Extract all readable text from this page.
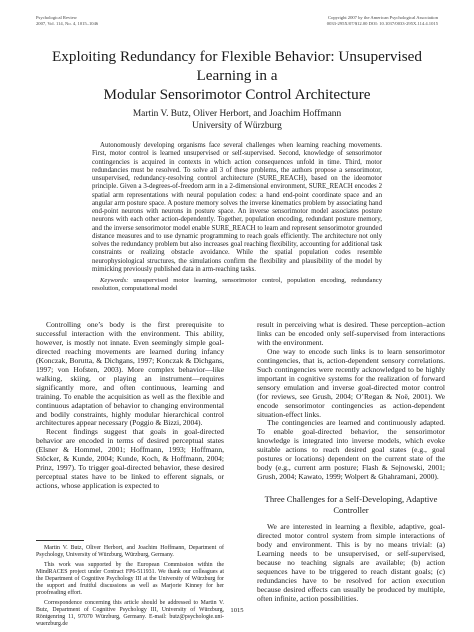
Psychological Review
2007, Vol. 114, No. 4, 1015–1046
Copyright 2007 by the American Psychological Association
0033-295X/07/$12.00 DOI: 10.1037/0033-295X.114.4.1015
Exploiting Redundancy for Flexible Behavior: Unsupervised Learning in a
Modular Sensorimotor Control Architecture
Martin V. Butz, Oliver Herbort, and Joachim Hoffmann
University of Würzburg

Autonomously developing organisms face several challenges when learning reaching movements. First, motor control is learned unsupervised or self-supervised. Second, knowledge of sensorimotor contingencies is acquired in contexts in which action consequences unfold in time. Third, motor redundancies must be resolved. To solve all 3 of these problems, the authors propose a sensorimotor, unsupervised, redundancy-resolving control architecture (SURE_REACH), based on the ideomotor principle. Given a 3-degrees-of-freedom arm in a 2-dimensional environment, SURE_REACH encodes 2 spatial arm representations with neural population codes: a hand end-point coordinate space and an angular arm posture space. A posture memory solves the inverse kinematics problem by associating hand end-point neurons with neurons in posture space. An inverse sensorimotor model associates posture neurons with each other action-dependently. Together, population encoding, redundant posture memory, and the inverse sensorimotor model enable SURE_REACH to learn and represent sensorimotor grounded distance measures and to use dynamic programming to reach goals efficiently. The architecture not only solves the redundancy problem but also increases goal reaching flexibility, accounting for additional task constraints or realizing obstacle avoidance. While the spatial population codes resemble neurophysiological structures, the simulations confirm the flexibility and plausibility of the model by mimicking previously published data in arm-reaching tasks.

Keywords: unsupervised motor learning, sensorimotor control, population encoding, redundancy resolution, computational model

Controlling one’s body is the first prerequisite to successful interaction with the environment. This ability, however, is mostly not innate. Even seemingly simple goal-directed reaching movements are learned during infancy (Konczak, Borutta, & Dichgans, 1997; Konczak & Dichgans, 1997; von Hofsten, 2003). More complex behavior—like walking, skiing, or playing an instrument—requires significantly more, and often continuous, learning and training. To enable the acquisition as well as the flexible and continuous adaptation of behavior to changing environmental and bodily constraints, highly modular hierarchical control architectures appear necessary (Poggio & Bizzi, 2004).

Recent findings suggest that goals in goal-directed behavior are encoded in terms of desired perceptual states (Elsner & Hommel, 2001; Hoffmann, 1993; Hoffmann, Stöcker, & Kunde, 2004; Kunde, Koch, & Hoffmann, 2004; Prinz, 1997). To trigger goal-directed behavior, these desired perceptual states have to be linked to efferent signals, or actions, whose application is expected to

Martin V. Butz, Oliver Herbort, and Joachim Hoffmann, Department of Psychology, University of Würzburg, Würzburg, Germany.

This work was supported by the European Commission within the MindRACES project under Contract FP6-511931. We thank our colleagues at the Department of Cognitive Psychology III at the University of Würzburg for the support and fruitful discussions as well as Marjorie Kinney for her proofreading effort.

Correspondence concerning this article should be addressed to Martin V. Butz, Department of Cognitive Psychology III, University of Würzburg, Röntgenring 11, 97070 Würzburg, Germany. E-mail: butz@psychologie.uni-wuerzburg.de

result in perceiving what is desired. These perception–action links can be encoded only self-supervised from interactions with the environment.

One way to encode such links is to learn sensorimotor contingencies, that is, action-dependent sensory correlations. Such contingencies were recently acknowledged to be highly important in cognitive systems for the realization of forward sensory emulation and inverse goal-directed motor control (for reviews, see Grush, 2004; O’Regan & Noë, 2001). We encode sensorimotor contingencies as action-dependent situation-effect links.

The contingencies are learned and continuously adapted. To enable goal-directed behavior, the sensorimotor knowledge is integrated into inverse models, which evoke suitable actions to reach desired goal states (e.g., goal postures or locations) dependent on the current state of the body (e.g., current arm posture; Flash & Sejnowski, 2001; Grush, 2004; Kawato, 1999; Wolpert & Ghahramani, 2000).

Three Challenges for a Self-Developing, Adaptive Controller

We are interested in learning a flexible, adaptive, goal-directed motor control system from simple interactions of body and environment. This is by no means trivial: (a) Learning needs to be unsupervised, or self-supervised, because no teaching signals are available; (b) action sequences have to be triggered to reach distant goals; (c) redundancies have to be resolved for action execution because desired effects can usually be produced by multiple, often infinite, action possibilities.

1015
